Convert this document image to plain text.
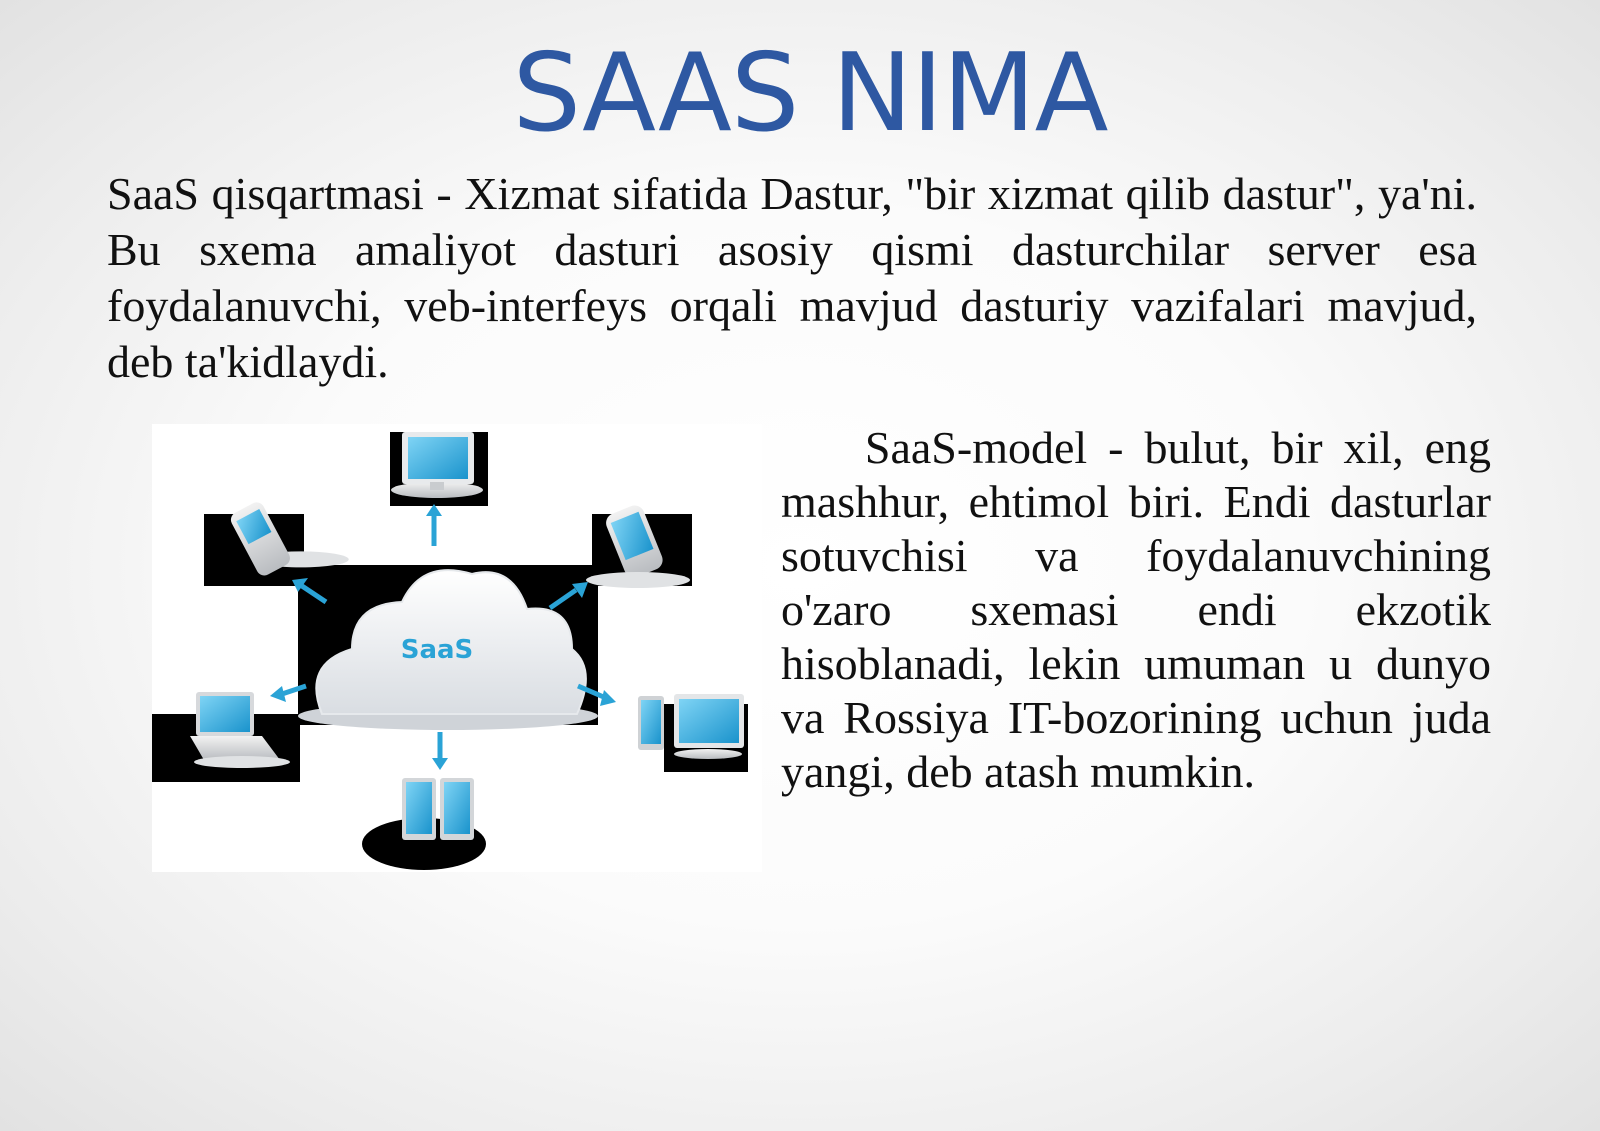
SAAS NIMA

SaaS qisqartmasi - Xizmat sifatida Dastur, "bir xizmat qilib dastur", ya'ni. Bu sxema amaliyot dasturi asosiy qismi dasturchilar server esa foydalanuvchi, veb-interfeys orqali mavjud dasturiy vazifalari mavjud, deb ta'kidlaydi.

SaaS

SaaS-model - bulut, bir xil, eng mashhur, ehtimol biri. Endi dasturlar sotuvchisi va foydalanuvchining o'zaro sxemasi endi ekzotik hisoblanadi, lekin umuman u dunyo va Rossiya IT-bozorining uchun juda  yangi, deb atash mumkin.
